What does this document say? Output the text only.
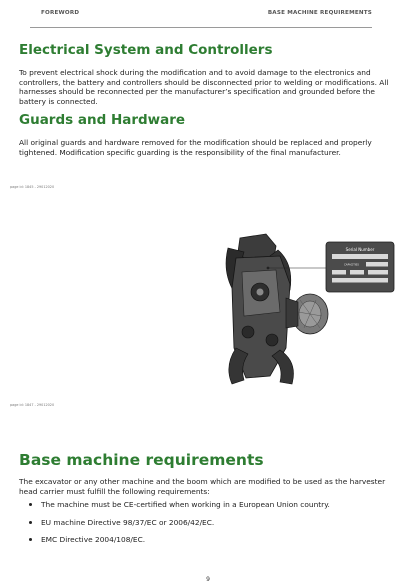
FOREWORD	BASE MACHINE REQUIREMENTS
Electrical System and Controllers

To prevent electrical shock during the modification and to avoid damage to the electronics and controllers, the battery and controllers should be disconnected prior to welding or modifications. All harnesses should be reconnected per the manufacturer’s specification and grounded before the battery is connected.

Guards and Hardware

All original guards and hardware removed for the modification should be replaced and properly tightened. Modification specific guarding is the responsibility of the final manufacturer.

page id: 1845 - 29012020
Serial Number
CAPACITIES
page id: 1847 - 29012020
Base machine requirements

The excavator or any other machine and the boom which are modified to be used as the harvester head carrier must fulfill the following requirements:

The machine must be CE-certified when working in a European Union country.
EU machine Directive 98/37/EC or 2006/42/EC.
EMC Directive 2004/108/EC.
9
